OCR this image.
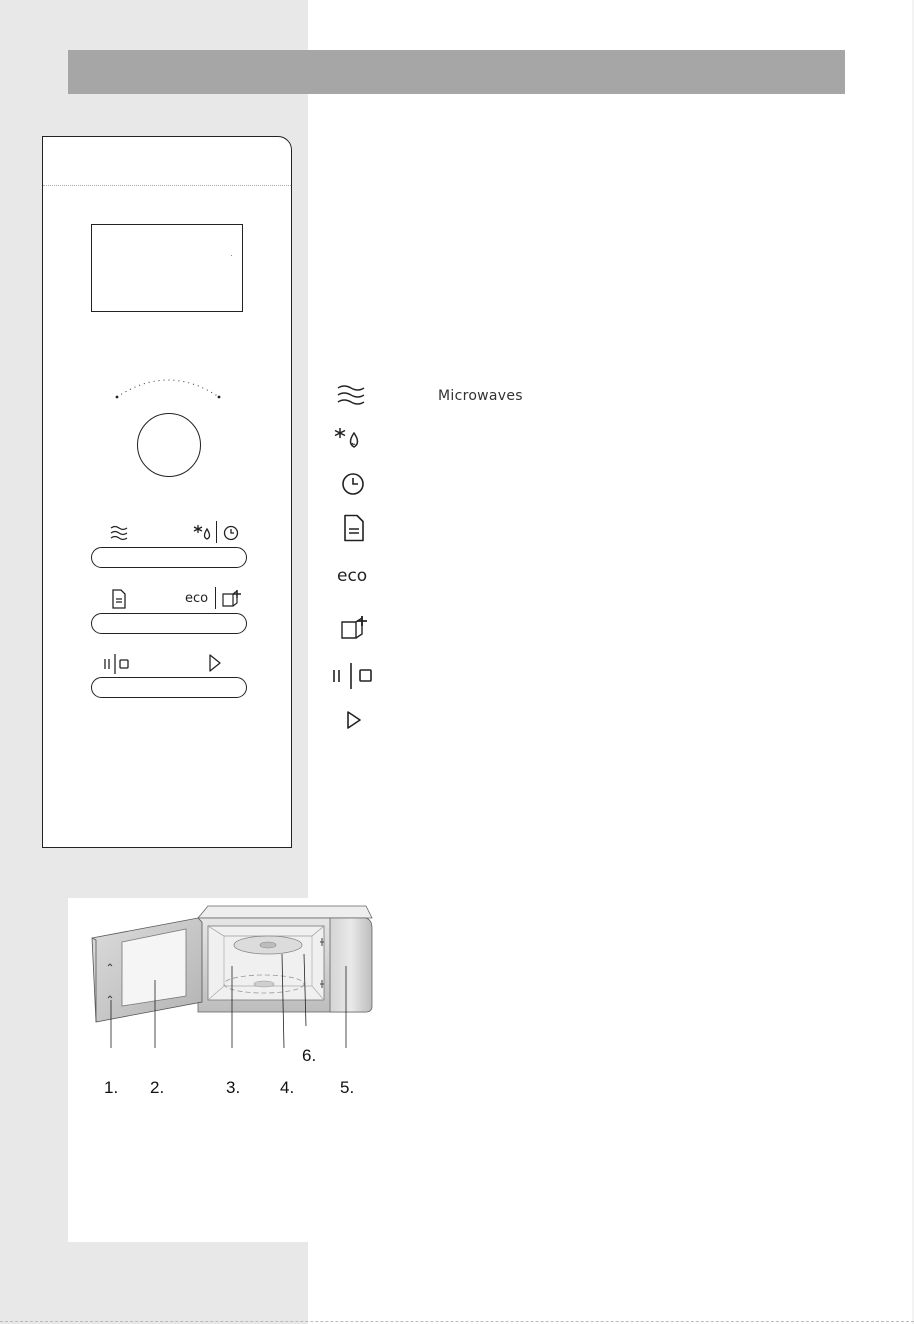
eco
Microwaves
eco
1. 2.	3. 4.	5.
6.
